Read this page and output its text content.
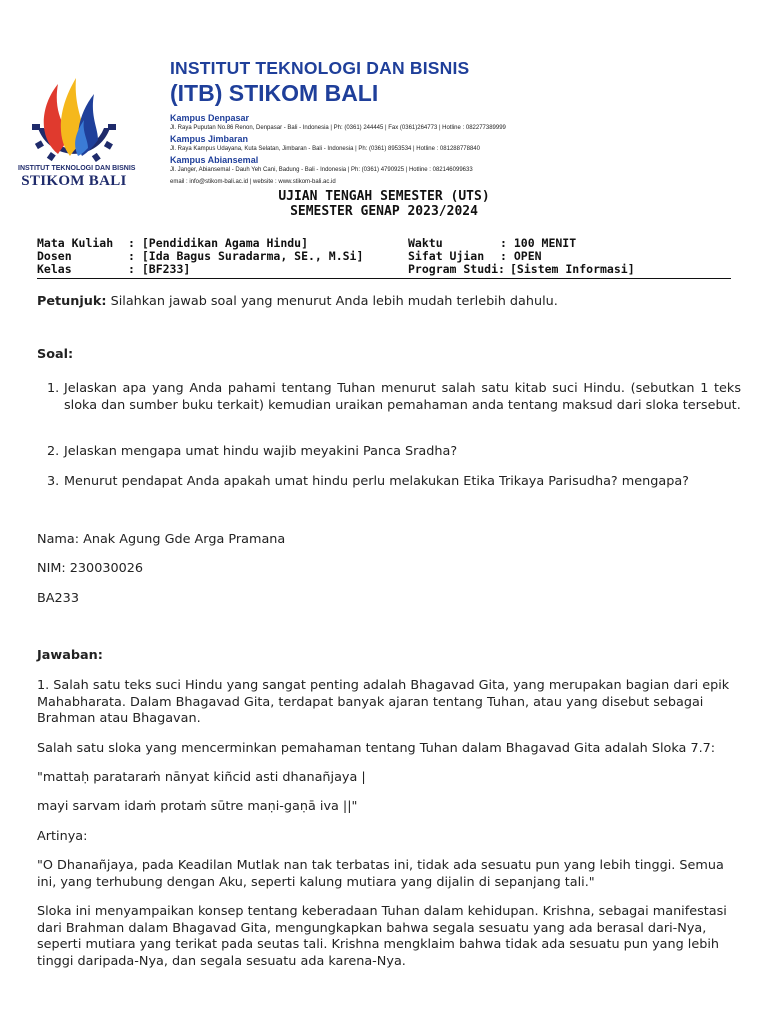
INSTITUT TEKNOLOGI DAN BISNIS
STIKOM BALI
INSTITUT TEKNOLOGI DAN BISNIS
(ITB) STIKOM BALI
Kampus Denpasar
Jl. Raya Puputan No.86 Renon, Denpasar - Bali - Indonesia | Ph: (0361) 244445 | Fax (0361)264773 | Hotline : 082277389999
Kampus Jimbaran
Jl. Raya Kampus Udayana, Kuta Selatan, Jimbaran - Bali - Indonesia | Ph: (0361) 8953534 | Hotline : 081288778840
Kampus Abiansemal
Jl. Janger, Abiansemal - Dauh Yeh Cani, Badung - Bali - Indonesia | Ph: (0361) 4790925 | Hotline : 082146099633
email : info@stikom-bali.ac.id | website : www.stikom-bali.ac.id
UJIAN TENGAH SEMESTER (UTS)
SEMESTER GENAP 2023/2024
Mata Kuliah : [Pendidikan Agama Hindu]	Waktu	: 100 MENIT
Dosen	: [Ida Bagus Suradarma, SE., M.Si]	Sifat Ujian : OPEN
Kelas	: [BF233]	Program Studi: [Sistem Informasi]
Petunjuk: Silahkan jawab soal yang menurut Anda lebih mudah terlebih dahulu.
Soal:
1. Jelaskan apa yang Anda pahami tentang Tuhan menurut salah satu kitab suci Hindu. (sebutkan 1 teks sloka dan sumber buku terkait) kemudian uraikan pemahaman anda tentang maksud dari sloka tersebut.
2. Jelaskan mengapa umat hindu wajib meyakini Panca Sradha?
3. Menurut pendapat Anda apakah umat hindu perlu melakukan Etika Trikaya Parisudha? mengapa?
Nama: Anak Agung Gde Arga Pramana
NIM: 230030026
BA233
Jawaban:
1. Salah satu teks suci Hindu yang sangat penting adalah Bhagavad Gita, yang merupakan bagian dari epik Mahabharata. Dalam Bhagavad Gita, terdapat banyak ajaran tentang Tuhan, atau yang disebut sebagai Brahman atau Bhagavan.
Salah satu sloka yang mencerminkan pemahaman tentang Tuhan dalam Bhagavad Gita adalah Sloka 7.7:
"mattaḥ parataraṁ nānyat kiñcid asti dhanañjaya |
mayi sarvam idaṁ protaṁ sūtre maṇi-gaṇā iva ||"
Artinya:
"O Dhanañjaya, pada Keadilan Mutlak nan tak terbatas ini, tidak ada sesuatu pun yang lebih tinggi. Semua ini, yang terhubung dengan Aku, seperti kalung mutiara yang dijalin di sepanjang tali."
Sloka ini menyampaikan konsep tentang keberadaan Tuhan dalam kehidupan. Krishna, sebagai manifestasi dari Brahman dalam Bhagavad Gita, mengungkapkan bahwa segala sesuatu yang ada berasal dari-Nya, seperti mutiara yang terikat pada seutas tali. Krishna mengklaim bahwa tidak ada sesuatu pun yang lebih tinggi daripada-Nya, dan segala sesuatu ada karena-Nya.
